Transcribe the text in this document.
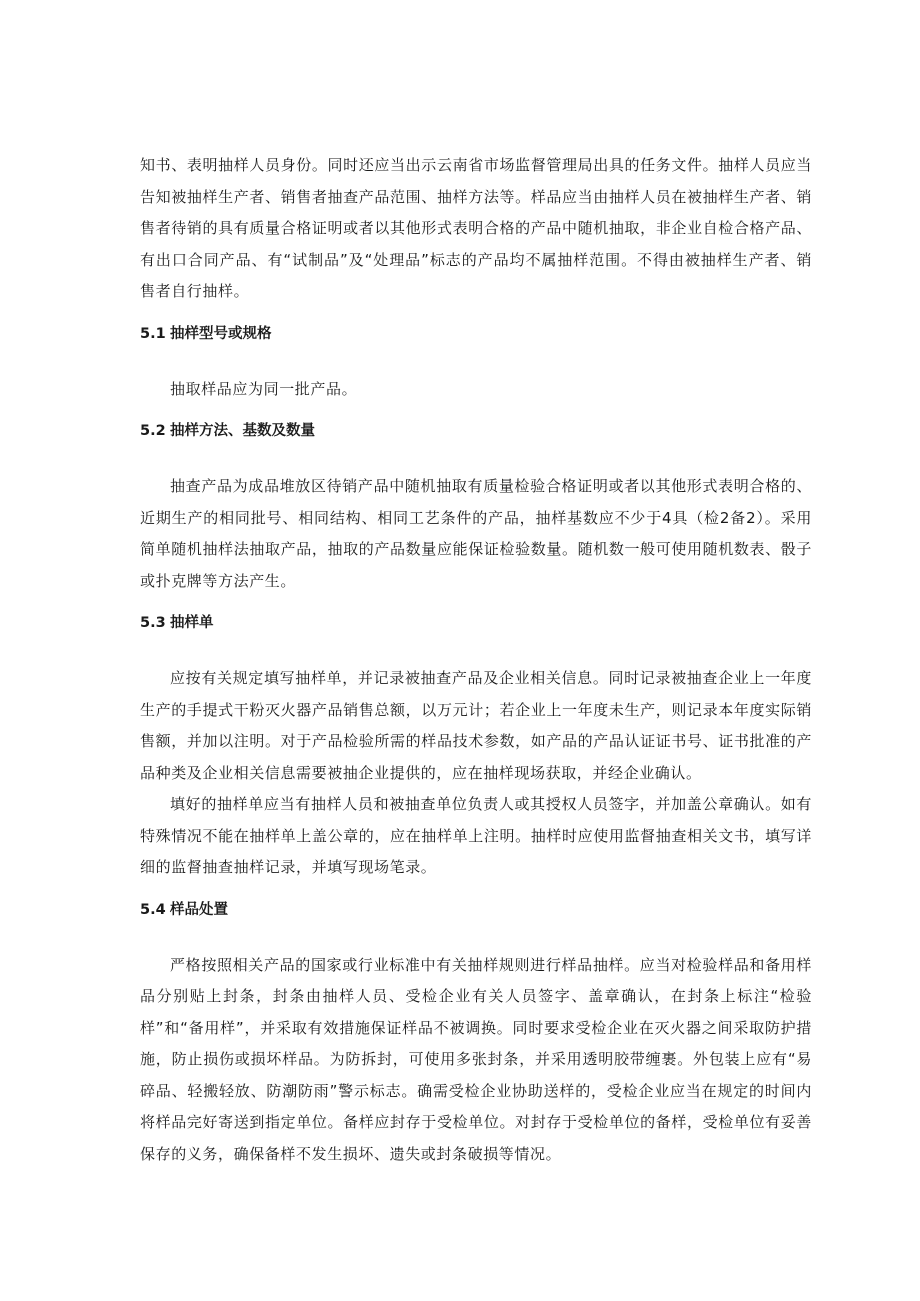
知书、表明抽样人员身份。同时还应当出示云南省市场监督管理局出具的任务文件。抽样人员应当告知被抽样生产者、销售者抽查产品范围、抽样方法等。样品应当由抽样人员在被抽样生产者、销售者待销的具有质量合格证明或者以其他形式表明合格的产品中随机抽取，非企业自检合格产品、有出口合同产品、有“试制品”及“处理品”标志的产品均不属抽样范围。不得由被抽样生产者、销售者自行抽样。

5.1 抽样型号或规格

抽取样品应为同一批产品。

5.2 抽样方法、基数及数量

抽查产品为成品堆放区待销产品中随机抽取有质量检验合格证明或者以其他形式表明合格的、近期生产的相同批号、相同结构、相同工艺条件的产品，抽样基数应不少于4具（检2备2）。采用简单随机抽样法抽取产品，抽取的产品数量应能保证检验数量。随机数一般可使用随机数表、骰子或扑克牌等方法产生。

5.3 抽样单

应按有关规定填写抽样单，并记录被抽查产品及企业相关信息。同时记录被抽查企业上一年度生产的手提式干粉灭火器产品销售总额，以万元计；若企业上一年度未生产，则记录本年度实际销售额，并加以注明。对于产品检验所需的样品技术参数，如产品的产品认证证书号、证书批准的产品种类及企业相关信息需要被抽企业提供的，应在抽样现场获取，并经企业确认。

填好的抽样单应当有抽样人员和被抽查单位负责人或其授权人员签字，并加盖公章确认。如有特殊情况不能在抽样单上盖公章的，应在抽样单上注明。抽样时应使用监督抽查相关文书，填写详细的监督抽查抽样记录，并填写现场笔录。

5.4 样品处置

严格按照相关产品的国家或行业标准中有关抽样规则进行样品抽样。应当对检验样品和备用样品分别贴上封条，封条由抽样人员、受检企业有关人员签字、盖章确认，在封条上标注“检验样”和“备用样”，并采取有效措施保证样品不被调换。同时要求受检企业在灭火器之间采取防护措施，防止损伤或损坏样品。为防拆封，可使用多张封条，并采用透明胶带缠裹。外包装上应有“易碎品、轻搬轻放、防潮防雨”警示标志。确需受检企业协助送样的，受检企业应当在规定的时间内将样品完好寄送到指定单位。备样应封存于受检单位。对封存于受检单位的备样，受检单位有妥善保存的义务，确保备样不发生损坏、遗失或封条破损等情况。
